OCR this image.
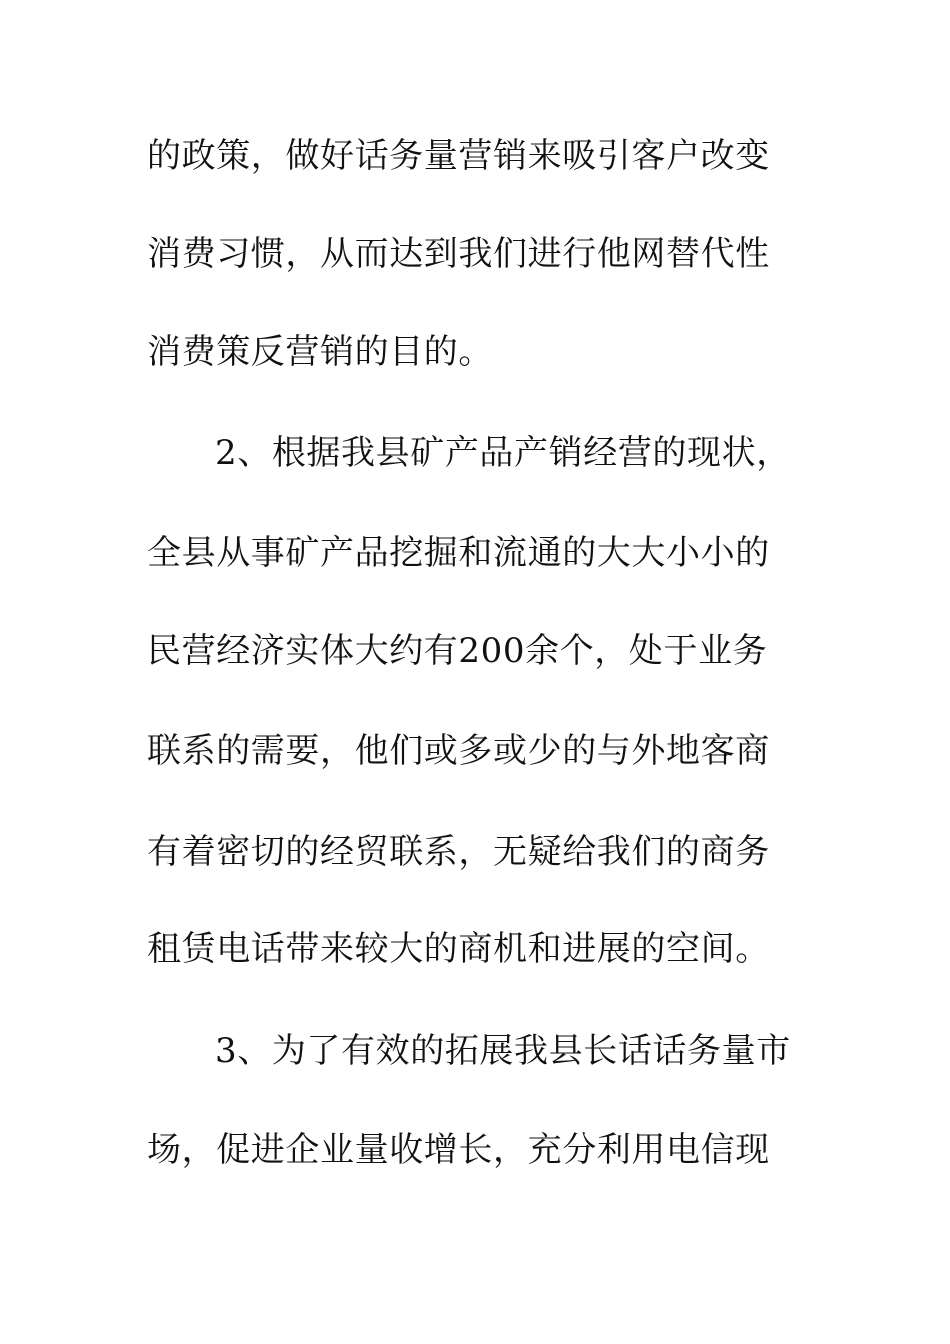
的政策，做好话务量营销来吸引客户改变
消费习惯，从而达到我们进行他网替代性
消费策反营销的目的。
2、根据我县矿产品产销经营的现状，
全县从事矿产品挖掘和流通的大大小小的
民营经济实体大约有200余个，处于业务
联系的需要，他们或多或少的与外地客商
有着密切的经贸联系，无疑给我们的商务
租赁电话带来较大的商机和进展的空间。
3、为了有效的拓展我县长话话务量市
场，促进企业量收增长，充分利用电信现
